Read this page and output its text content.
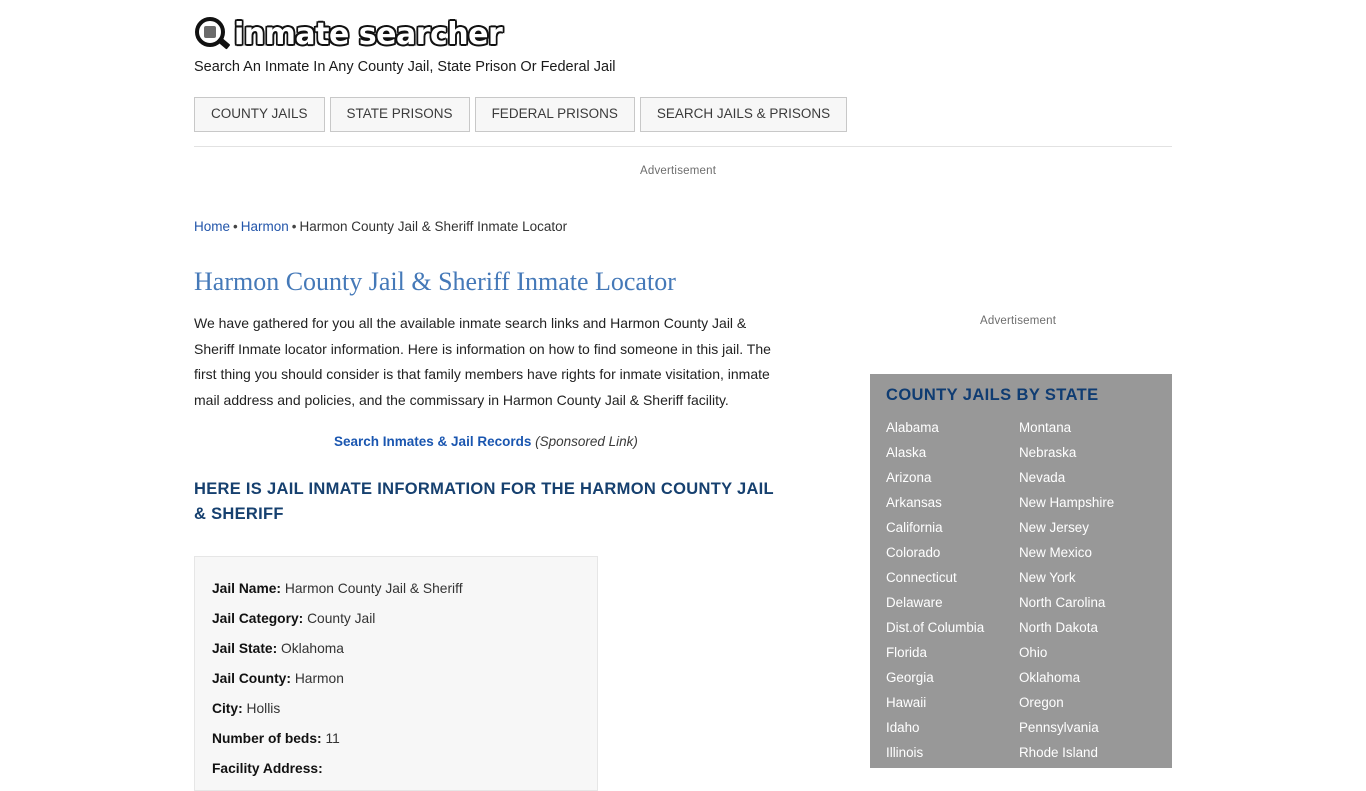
inmate searcher
Search An Inmate In Any County Jail, State Prison Or Federal Jail
COUNTY JAILS	STATE PRISONS	FEDERAL PRISONS	SEARCH JAILS & PRISONS
Advertisement
Advertisement
Home • Harmon • Harmon County Jail & Sheriff Inmate Locator
Harmon County Jail & Sheriff Inmate Locator
We have gathered for you all the available inmate search links and Harmon County Jail & Sheriff Inmate locator information. Here is information on how to find someone in this jail. The first thing you should consider is that family members have rights for inmate visitation, inmate mail address and policies, and the commissary in Harmon County Jail & Sheriff facility.
Search Inmates & Jail Records (Sponsored Link)
HERE IS JAIL INMATE INFORMATION FOR THE HARMON COUNTY JAIL & SHERIFF
Jail Name: Harmon County Jail & Sheriff
Jail Category: County Jail
Jail State: Oklahoma
Jail County: Harmon
City: Hollis
Number of beds: 11
Facility Address:
COUNTY JAILS BY STATE
Alabama
Alaska
Arizona
Arkansas
California
Colorado
Connecticut
Delaware
Dist.of Columbia
Florida
Georgia
Hawaii
Idaho
Illinois
Montana
Nebraska
Nevada
New Hampshire
New Jersey
New Mexico
New York
North Carolina
North Dakota
Ohio
Oklahoma
Oregon
Pennsylvania
Rhode Island
